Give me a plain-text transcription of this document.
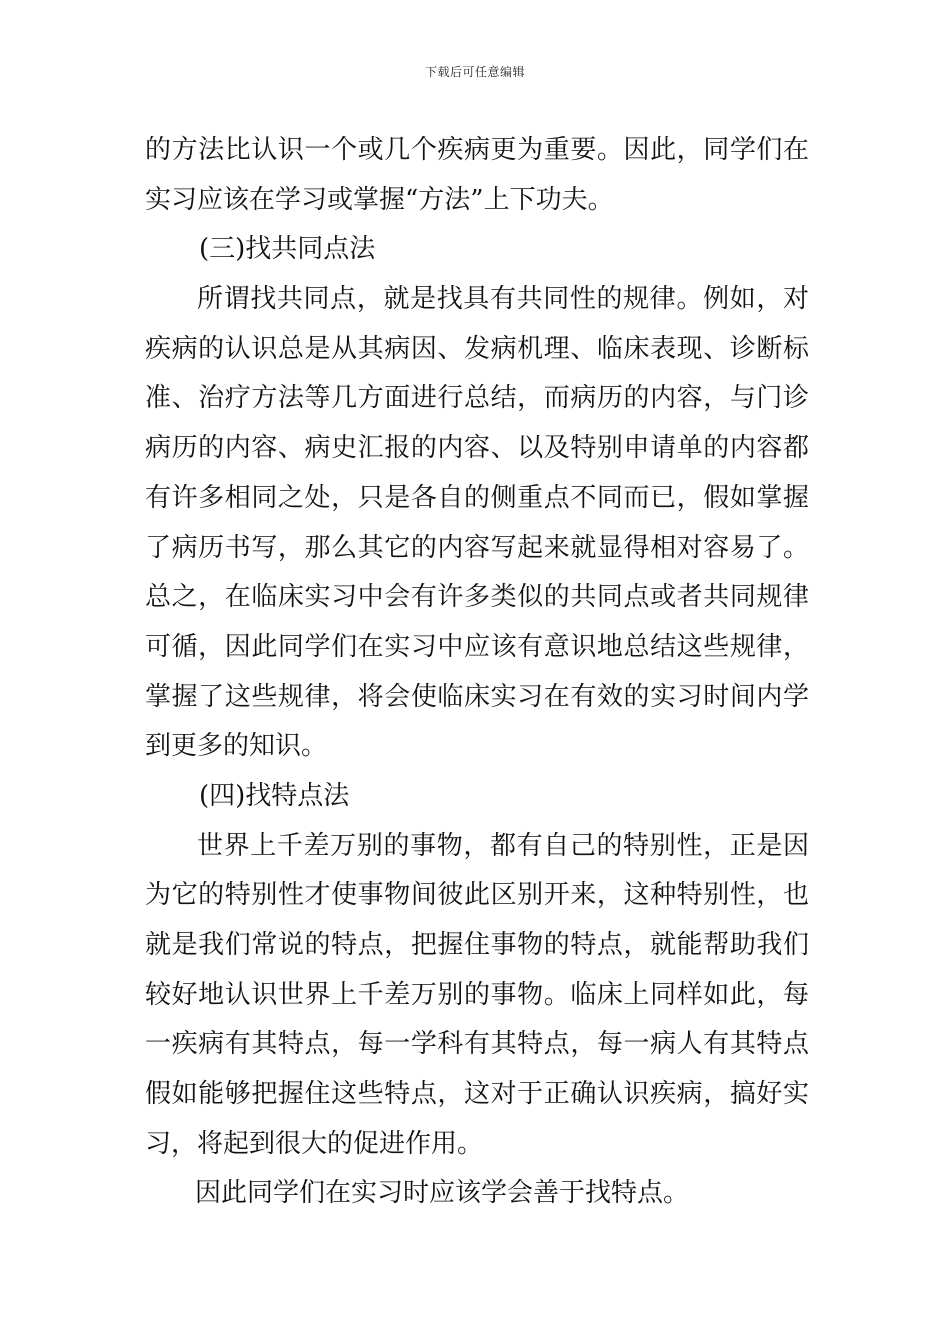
下载后可任意编辑
的方法比认识一个或几个疾病更为重要。因此，同学们在
实习应该在学习或掌握“方法”上下功夫。
(三)找共同点法
所谓找共同点，就是找具有共同性的规律。例如，对
疾病的认识总是从其病因、发病机理、临床表现、诊断标
准、治疗方法等几方面进行总结，而病历的内容，与门诊
病历的内容、病史汇报的内容、以及特别申请单的内容都
有许多相同之处，只是各自的侧重点不同而已，假如掌握
了病历书写，那么其它的内容写起来就显得相对容易了。
总之，在临床实习中会有许多类似的共同点或者共同规律
可循，因此同学们在实习中应该有意识地总结这些规律，
掌握了这些规律，将会使临床实习在有效的实习时间内学
到更多的知识。
(四)找特点法
世界上千差万别的事物，都有自己的特别性，正是因
为它的特别性才使事物间彼此区别开来，这种特别性，也
就是我们常说的特点，把握住事物的特点，就能帮助我们
较好地认识世界上千差万别的事物。临床上同样如此，每
一疾病有其特点，每一学科有其特点，每一病人有其特点
假如能够把握住这些特点，这对于正确认识疾病，搞好实
习，将起到很大的促进作用。
因此同学们在实习时应该学会善于找特点。
